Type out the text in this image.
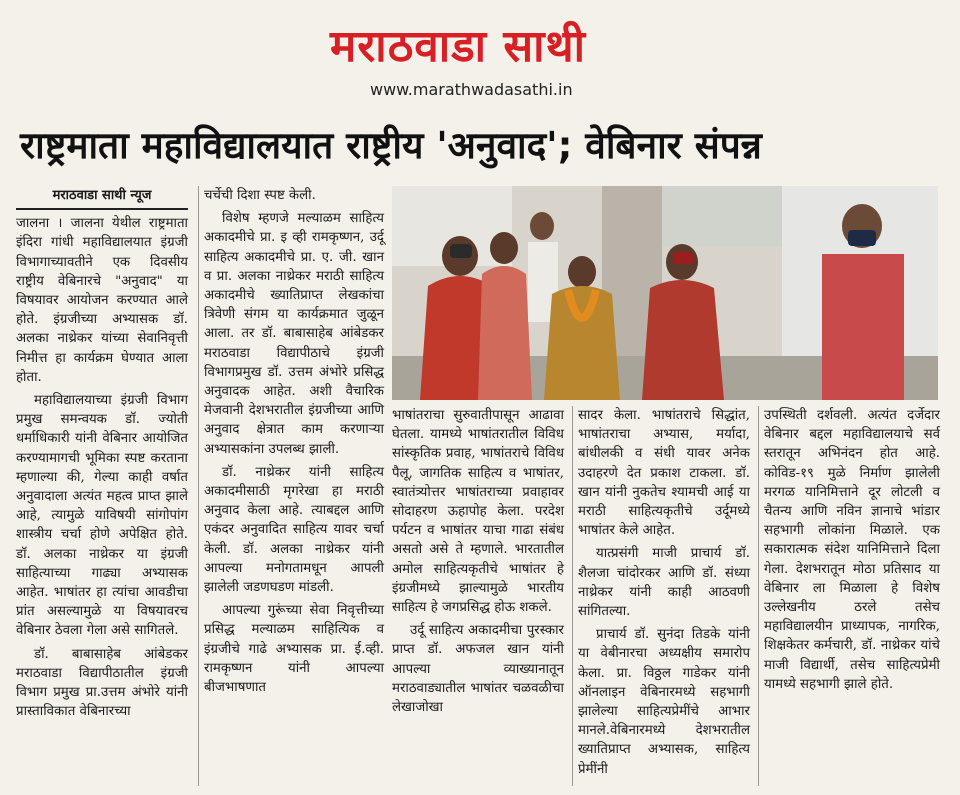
मराठवाडा साथी
www.marathwadasathi.in
राष्ट्रमाता महाविद्यालयात राष्ट्रीय 'अनुवाद'; वेबिनार संपन्न
मराठवाडा साथी न्यूज

जालना । जालना येथील राष्ट्रमाता इंदिरा गांधी महाविद्यालयात इंग्रजी विभागाच्यावतीने एक दिवसीय राष्ट्रीय वेबिनारचे "अनुवाद" या विषयावर आयोजन करण्यात आले होते. इंग्रजीच्या अभ्यासक डॉ. अलका नाथ्रेकर यांच्या सेवानिवृत्ती निमीत्त हा कार्यक्रम घेण्यात आला होता.

महाविद्यालयाच्या इंग्रजी विभाग प्रमुख समन्वयक डॉ. ज्योती धर्माधिकारी यांनी वेबिनार आयोजित करण्यामागची भूमिका स्पष्ट करताना म्हणाल्या की, गेल्या काही वर्षात अनुवादाला अत्यंत महत्व प्राप्त झाले आहे, त्यामुळे याविषयी सांगोपांग शास्त्रीय चर्चा होणे अपेक्षित होते. डॉ. अलका नाथ्रेकर या इंग्रजी साहित्याच्या गाढ्या अभ्यासक आहेत. भाषांतर हा त्यांचा आवडीचा प्रांत असल्यामुळे या विषयावरच वेबिनार ठेवला गेला असे सागितले.

डॉ. बाबासाहेब आंबेडकर मराठवाडा विद्यापीठातील इंग्रजी विभाग प्रमुख प्रा.उत्तम अंभोरे यांनी प्रास्ताविकात वेबिनारच्या

चर्चेची दिशा स्पष्ट केली.

विशेष म्हणजे मल्याळम साहित्य अकादमीचे प्रा. इ व्ही रामकृष्णन, उर्दू साहित्य अकादमीचे प्रा. ए. जी. खान व प्रा. अलका नाथ्रेकर मराठी साहित्य अकादमीचे ख्यातिप्राप्त लेखकांचा त्रिवेणी संगम या कार्यक्रमात जुळून आला. तर डॉ. बाबासाहेब आंबेडकर मराठवाडा विद्यापीठाचे इंग्रजी विभागप्रमुख डॉ. उत्तम अंभोरे प्रसिद्ध अनुवादक आहेत. अशी वैचारिक मेजवानी देशभरातील इंग्रजीच्या आणि अनुवाद क्षेत्रात काम करणाऱ्या अभ्यासकांना उपलब्ध झाली.

डॉ. नाथ्रेकर यांनी साहित्य अकादमीसाठी मृगरेखा हा मराठी अनुवाद केला आहे. त्याबद्दल आणि एकंदर अनुवादित साहित्य यावर चर्चा केली. डॉ. अलका नाथ्रेकर यांनी आपल्या मनोगतामधून आपली झालेली जडणघडण मांडली.

आपल्या गुरूंच्या सेवा निवृत्तीच्या प्रसिद्ध मल्याळम साहित्यिक व इंग्रजीचे गाढे अभ्यासक प्रा. ई.व्ही. रामकृष्णन यांनी आपल्या बीजभाषणात

भाषांतराचा सुरुवातीपासून आढावा घेतला. यामध्ये भाषांतरातील विविध सांस्कृतिक प्रवाह, भाषांतराचे विविध पैलू, जागतिक साहित्य व भाषांतर, स्वातंत्र्योत्तर भाषांतराच्या प्रवाहावर सोदाहरण ऊहापोह केला. परदेश पर्यटन व भाषांतर याचा गाढा संबंध असतो असे ते म्हणाले. भारतातील अमोल साहित्यकृतीचे भाषांतर हे इंग्रजीमध्ये झाल्यामुळे भारतीय साहित्य हे जगप्रसिद्ध होऊ शकले.

उर्दू साहित्य अकादमीचा पुरस्कार प्राप्त डॉ. अफजल खान यांनी आपल्या व्याख्यानातून मराठवाड्यातील भाषांतर चळवळीचा लेखाजोखा

सादर केला. भाषांतराचे सिद्धांत, भाषांतराचा अभ्यास, मर्यादा, बांधीलकी व संधी यावर अनेक उदाहरणे देत प्रकाश टाकला. डॉ. खान यांनी नुकतेच श्यामची आई या मराठी साहित्यकृतीचे उर्दूमध्ये भाषांतर केले आहेत.

यात्प्रसंगी माजी प्राचार्य डॉ. शैलजा चांदोरकर आणि डॉ. संध्या नाथ्रेकर यांनी काही आठवणी सांगितल्या.

प्राचार्य डॉ. सुनंदा तिडके यांनी या वेबीनारचा अध्यक्षीय समारोप केला. प्रा. विठ्ठल गाडेकर यांनी ऑनलाइन वेबिनारमध्ये सहभागी झालेल्या साहित्यप्रेमींचे आभार मानले.वेबिनारमध्ये देशभरातील ख्यातिप्राप्त अभ्यासक, साहित्य प्रेमींनी

उपस्थिती दर्शवली. अत्यंत दर्जेदार वेबिनार बद्दल महाविद्यालयाचे सर्व स्तरातून अभिनंदन होत आहे. कोविड-१९ मुळे निर्माण झालेली मरगळ यानिमित्ताने दूर लोटली व चैतन्य आणि नविन ज्ञानाचे भांडार सहभागी लोकांना मिळाले. एक सकारात्मक संदेश यानिमित्ताने दिला गेला. देशभरातून मोठा प्रतिसाद या वेबिनार ला मिळाला हे विशेष उल्लेखनीय ठरले तसेच महाविद्यालयीन प्राध्यापक, नागरिक, शिक्षकेतर कर्मचारी, डॉ. नाथ्रेकर यांचे माजी विद्यार्थी, तसेच साहित्यप्रेमी यामध्ये सहभागी झाले होते.
